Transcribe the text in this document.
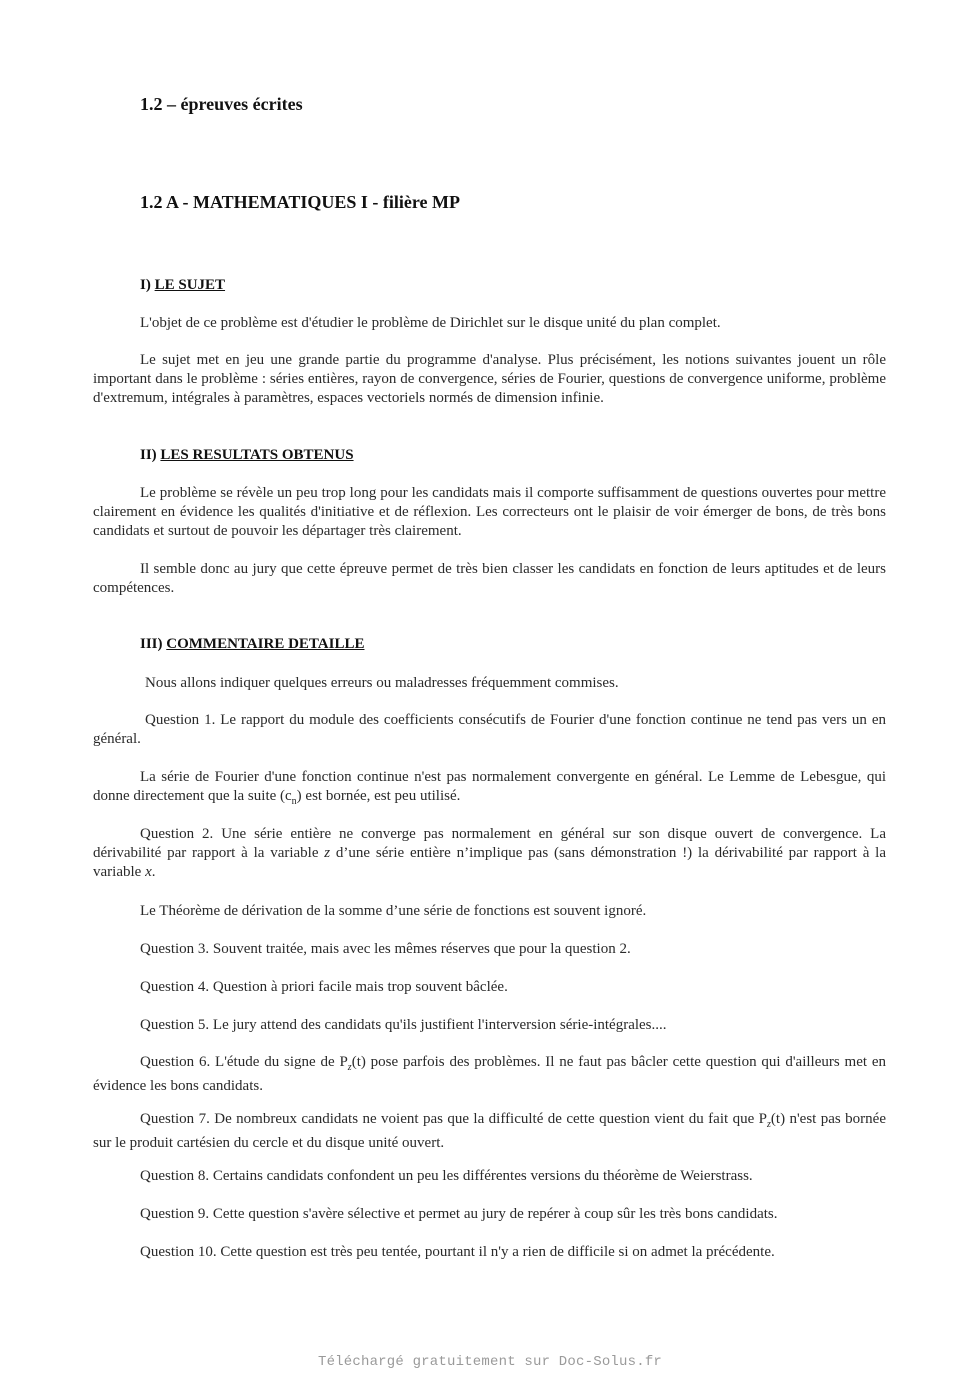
1.2 – épreuves écrites
1.2 A - MATHEMATIQUES I - filière MP
I) LE SUJET
L'objet de ce problème est d'étudier le problème de Dirichlet sur le disque unité du plan complet.
Le sujet met en jeu une grande partie du programme d'analyse. Plus précisément, les notions suivantes jouent un rôle important dans le problème : séries entières, rayon de convergence, séries de Fourier, questions de convergence uniforme, problème d'extremum, intégrales à paramètres, espaces vectoriels normés de dimension infinie.
II) LES RESULTATS OBTENUS
Le problème se révèle un peu trop long pour les candidats mais il comporte suffisamment de questions ouvertes pour mettre clairement en évidence les qualités d'initiative et de réflexion. Les correcteurs ont le plaisir de voir émerger de bons, de très bons candidats et surtout de pouvoir les départager très clairement.
Il semble donc au jury que cette épreuve permet de très bien classer les candidats en fonction de leurs aptitudes et de leurs compétences.
III) COMMENTAIRE DETAILLE
Nous allons indiquer quelques erreurs ou maladresses fréquemment commises.
Question 1. Le rapport du module des coefficients consécutifs de Fourier d'une fonction continue ne tend pas vers un en général.
La série de Fourier d'une fonction continue n'est pas normalement convergente en général. Le Lemme de Lebesgue, qui donne directement que la suite $(c_n)$ est bornée, est peu utilisé.
Question 2. Une série entière ne converge pas normalement en général sur son disque ouvert de convergence. La dérivabilité par rapport à la variable z d’une série entière n’implique pas (sans démonstration !) la dérivabilité par rapport à la variable x.
Le Théorème de dérivation de la somme d’une série de fonctions est souvent ignoré.
Question 3. Souvent traitée, mais avec les mêmes réserves que pour la question 2.
Question 4. Question à priori facile mais trop souvent bâclée.
Question 5. Le jury attend des candidats qu'ils justifient l'interversion série-intégrales....
Question 6. L'étude du signe de $P_z(t)$ pose parfois des problèmes. Il ne faut pas bâcler cette question qui d'ailleurs met en évidence les bons candidats.
Question 7. De nombreux candidats ne voient pas que la difficulté de cette question vient du fait que $P_z(t)$ n'est pas bornée sur le produit cartésien du cercle et du disque unité ouvert.
Question 8. Certains candidats confondent un peu les différentes versions du théorème de Weierstrass.
Question 9. Cette question s'avère sélective et permet au jury de repérer à coup sûr les très bons candidats.
Question 10. Cette question est très peu tentée, pourtant il n'y a rien de difficile si on admet la précédente.
Téléchargé gratuitement sur Doc-Solus.fr
